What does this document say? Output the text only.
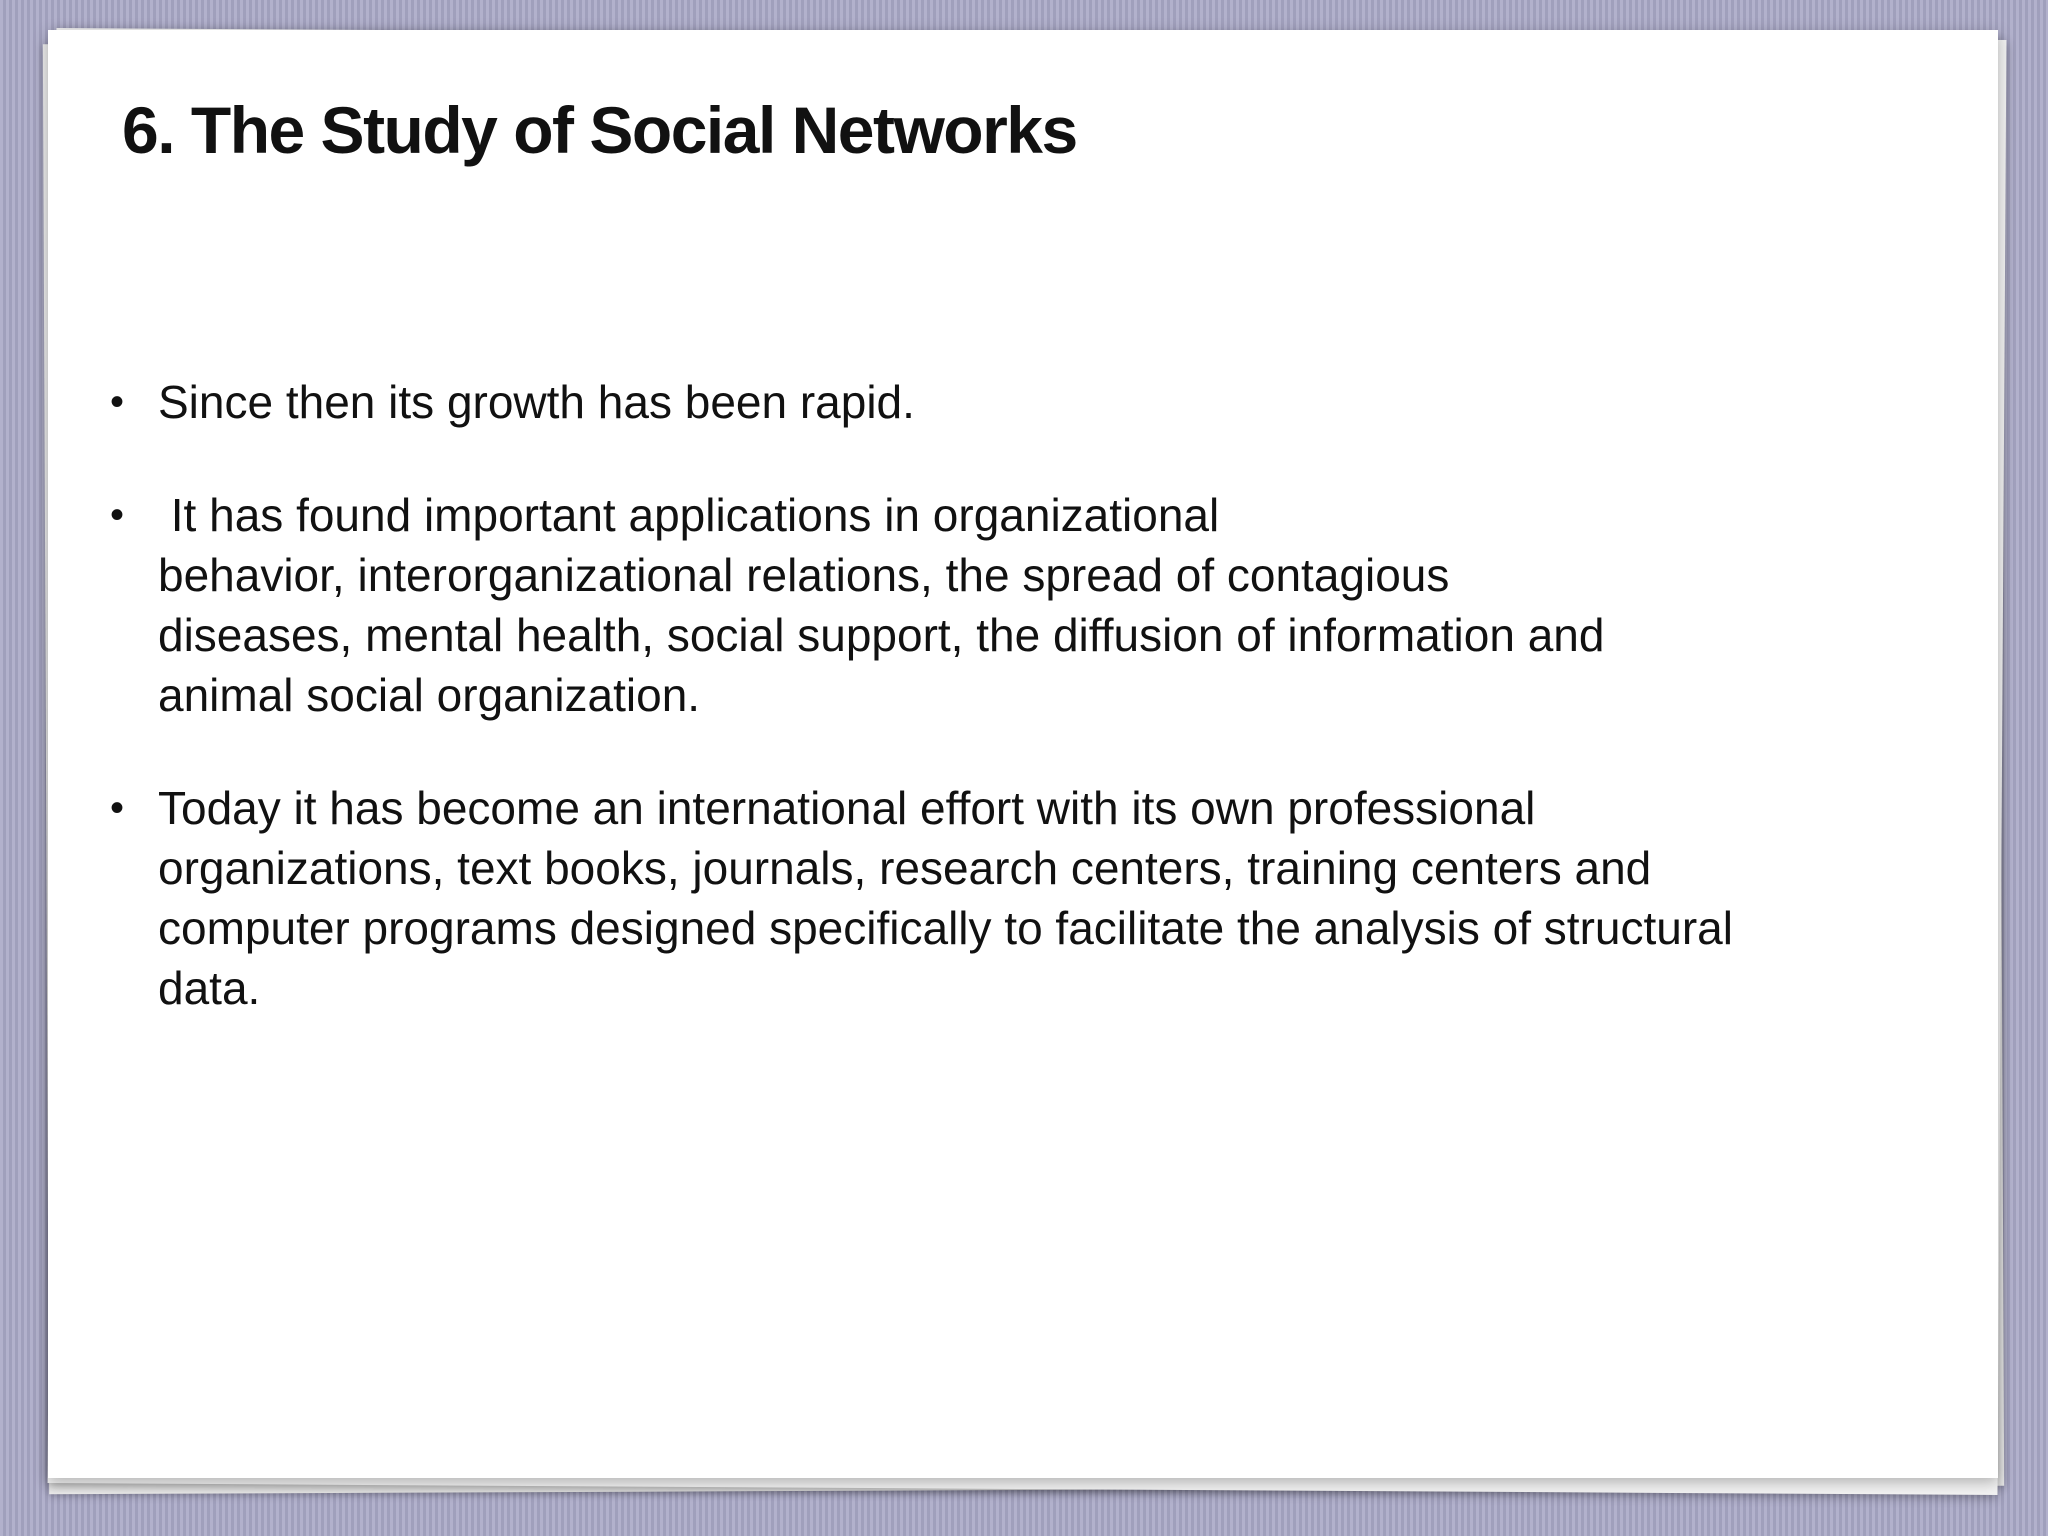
6. The Study of Social Networks
• Since then its growth has been rapid.
• It has found important applications in organizational
behavior, interorganizational relations, the spread of contagious
diseases, mental health, social support, the diffusion of information and
animal social organization.
• Today it has become an international effort with its own professional
organizations, text books, journals, research centers, training centers and
computer programs designed specifically to facilitate the analysis of structural
data.
